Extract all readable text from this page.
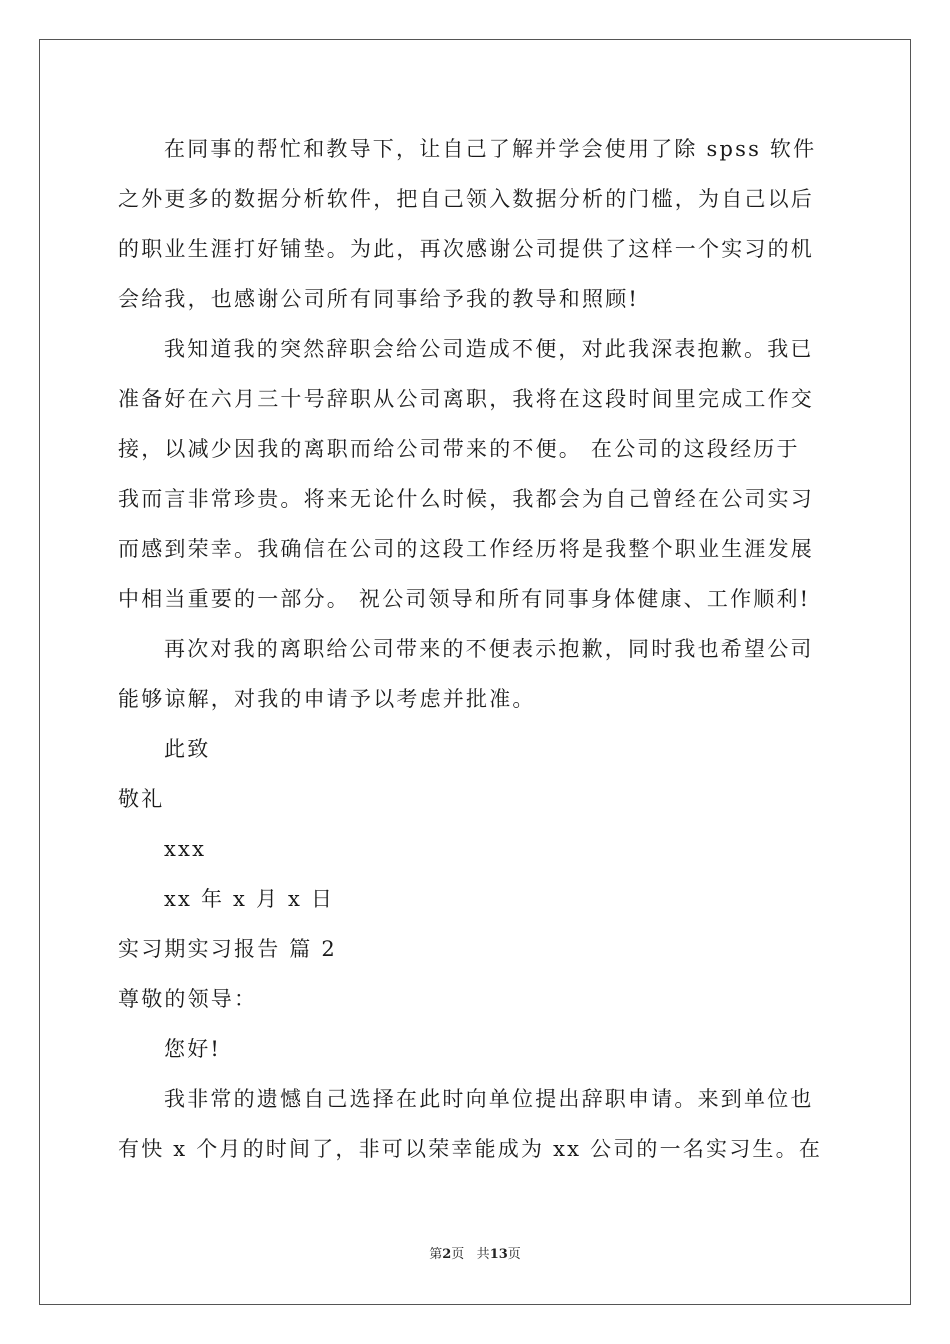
在同事的帮忙和教导下，让自己了解并学会使用了除 spss 软件
之外更多的数据分析软件，把自己领入数据分析的门槛，为自己以后
的职业生涯打好铺垫。为此，再次感谢公司提供了这样一个实习的机
会给我，也感谢公司所有同事给予我的教导和照顾!
我知道我的突然辞职会给公司造成不便，对此我深表抱歉。我已
准备好在六月三十号辞职从公司离职，我将在这段时间里完成工作交
接，以减少因我的离职而给公司带来的不便。 在公司的这段经历于
我而言非常珍贵。将来无论什么时候，我都会为自己曾经在公司实习
而感到荣幸。我确信在公司的这段工作经历将是我整个职业生涯发展
中相当重要的一部分。 祝公司领导和所有同事身体健康、工作顺利!
再次对我的离职给公司带来的不便表示抱歉，同时我也希望公司
能够谅解，对我的申请予以考虑并批准。
此致
敬礼
xxx
xx 年 x 月 x 日
实习期实习报告 篇 2
尊敬的领导：
您好!
我非常的遗憾自己选择在此时向单位提出辞职申请。来到单位也
有快 x 个月的时间了，非可以荣幸能成为 xx 公司的一名实习生。在
第2页 共13页
